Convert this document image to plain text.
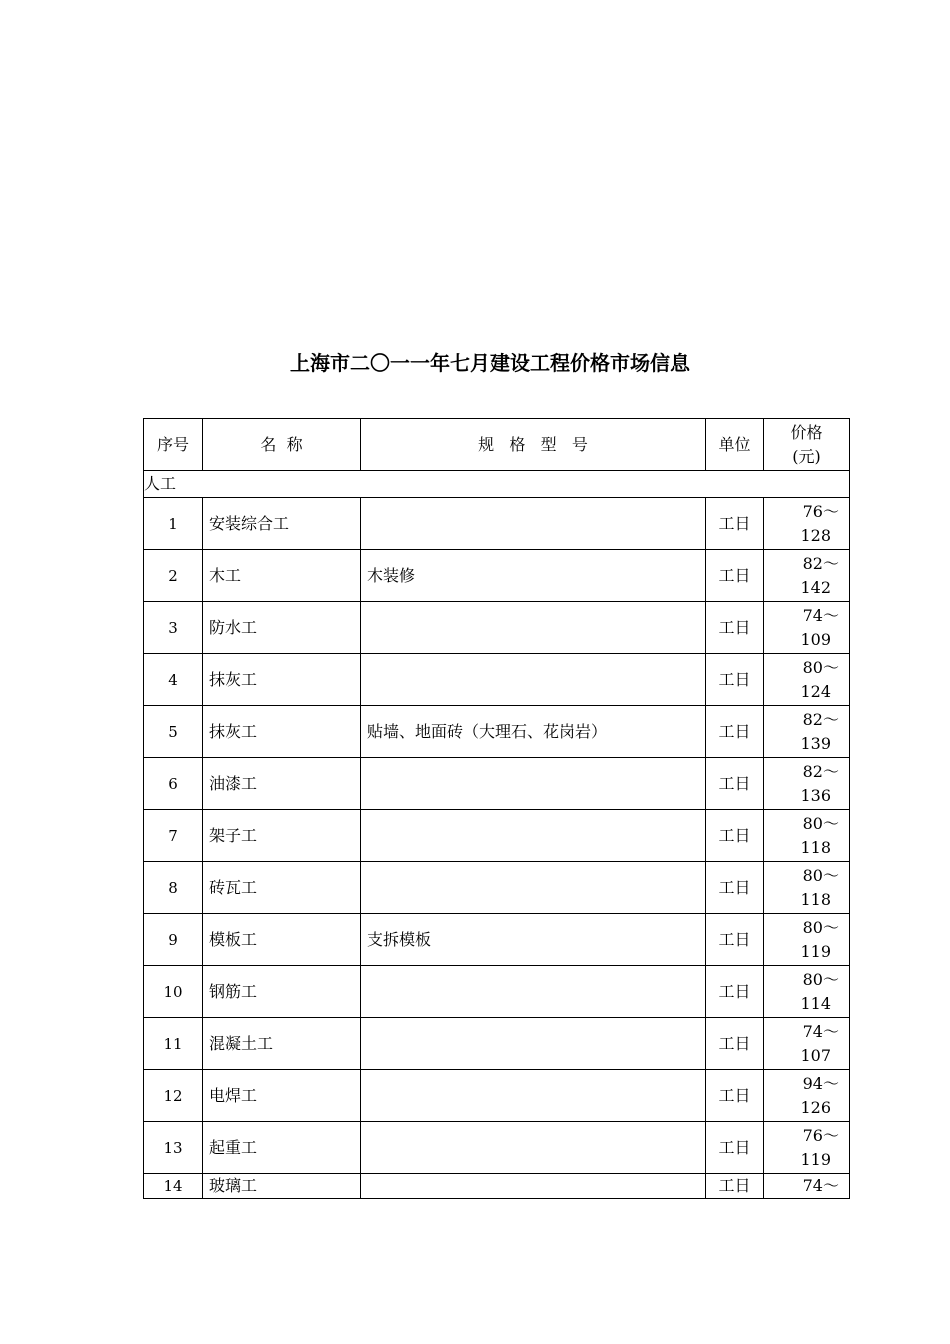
上海市二〇一一年七月建设工程价格市场信息
序号	名  称	规   格   型   号	单位	价格
(元)

人工				
1	安装综合工		工日	76～
128

2	木工	木装修	工日	82～
142

3	防水工		工日	74～
109

4	抹灰工		工日	80～
124

5	抹灰工	贴墙、地面砖（大理石、花岗岩）	工日	82～
139

6	油漆工		工日	82～
136

7	架子工		工日	80～
118

8	砖瓦工		工日	80～
118

9	模板工	支拆模板	工日	80～
119

10	钢筋工		工日	80～
114

11	混凝土工		工日	74～
107

12	电焊工		工日	94～
126

13	起重工		工日	76～
119

14	玻璃工		工日	74～
